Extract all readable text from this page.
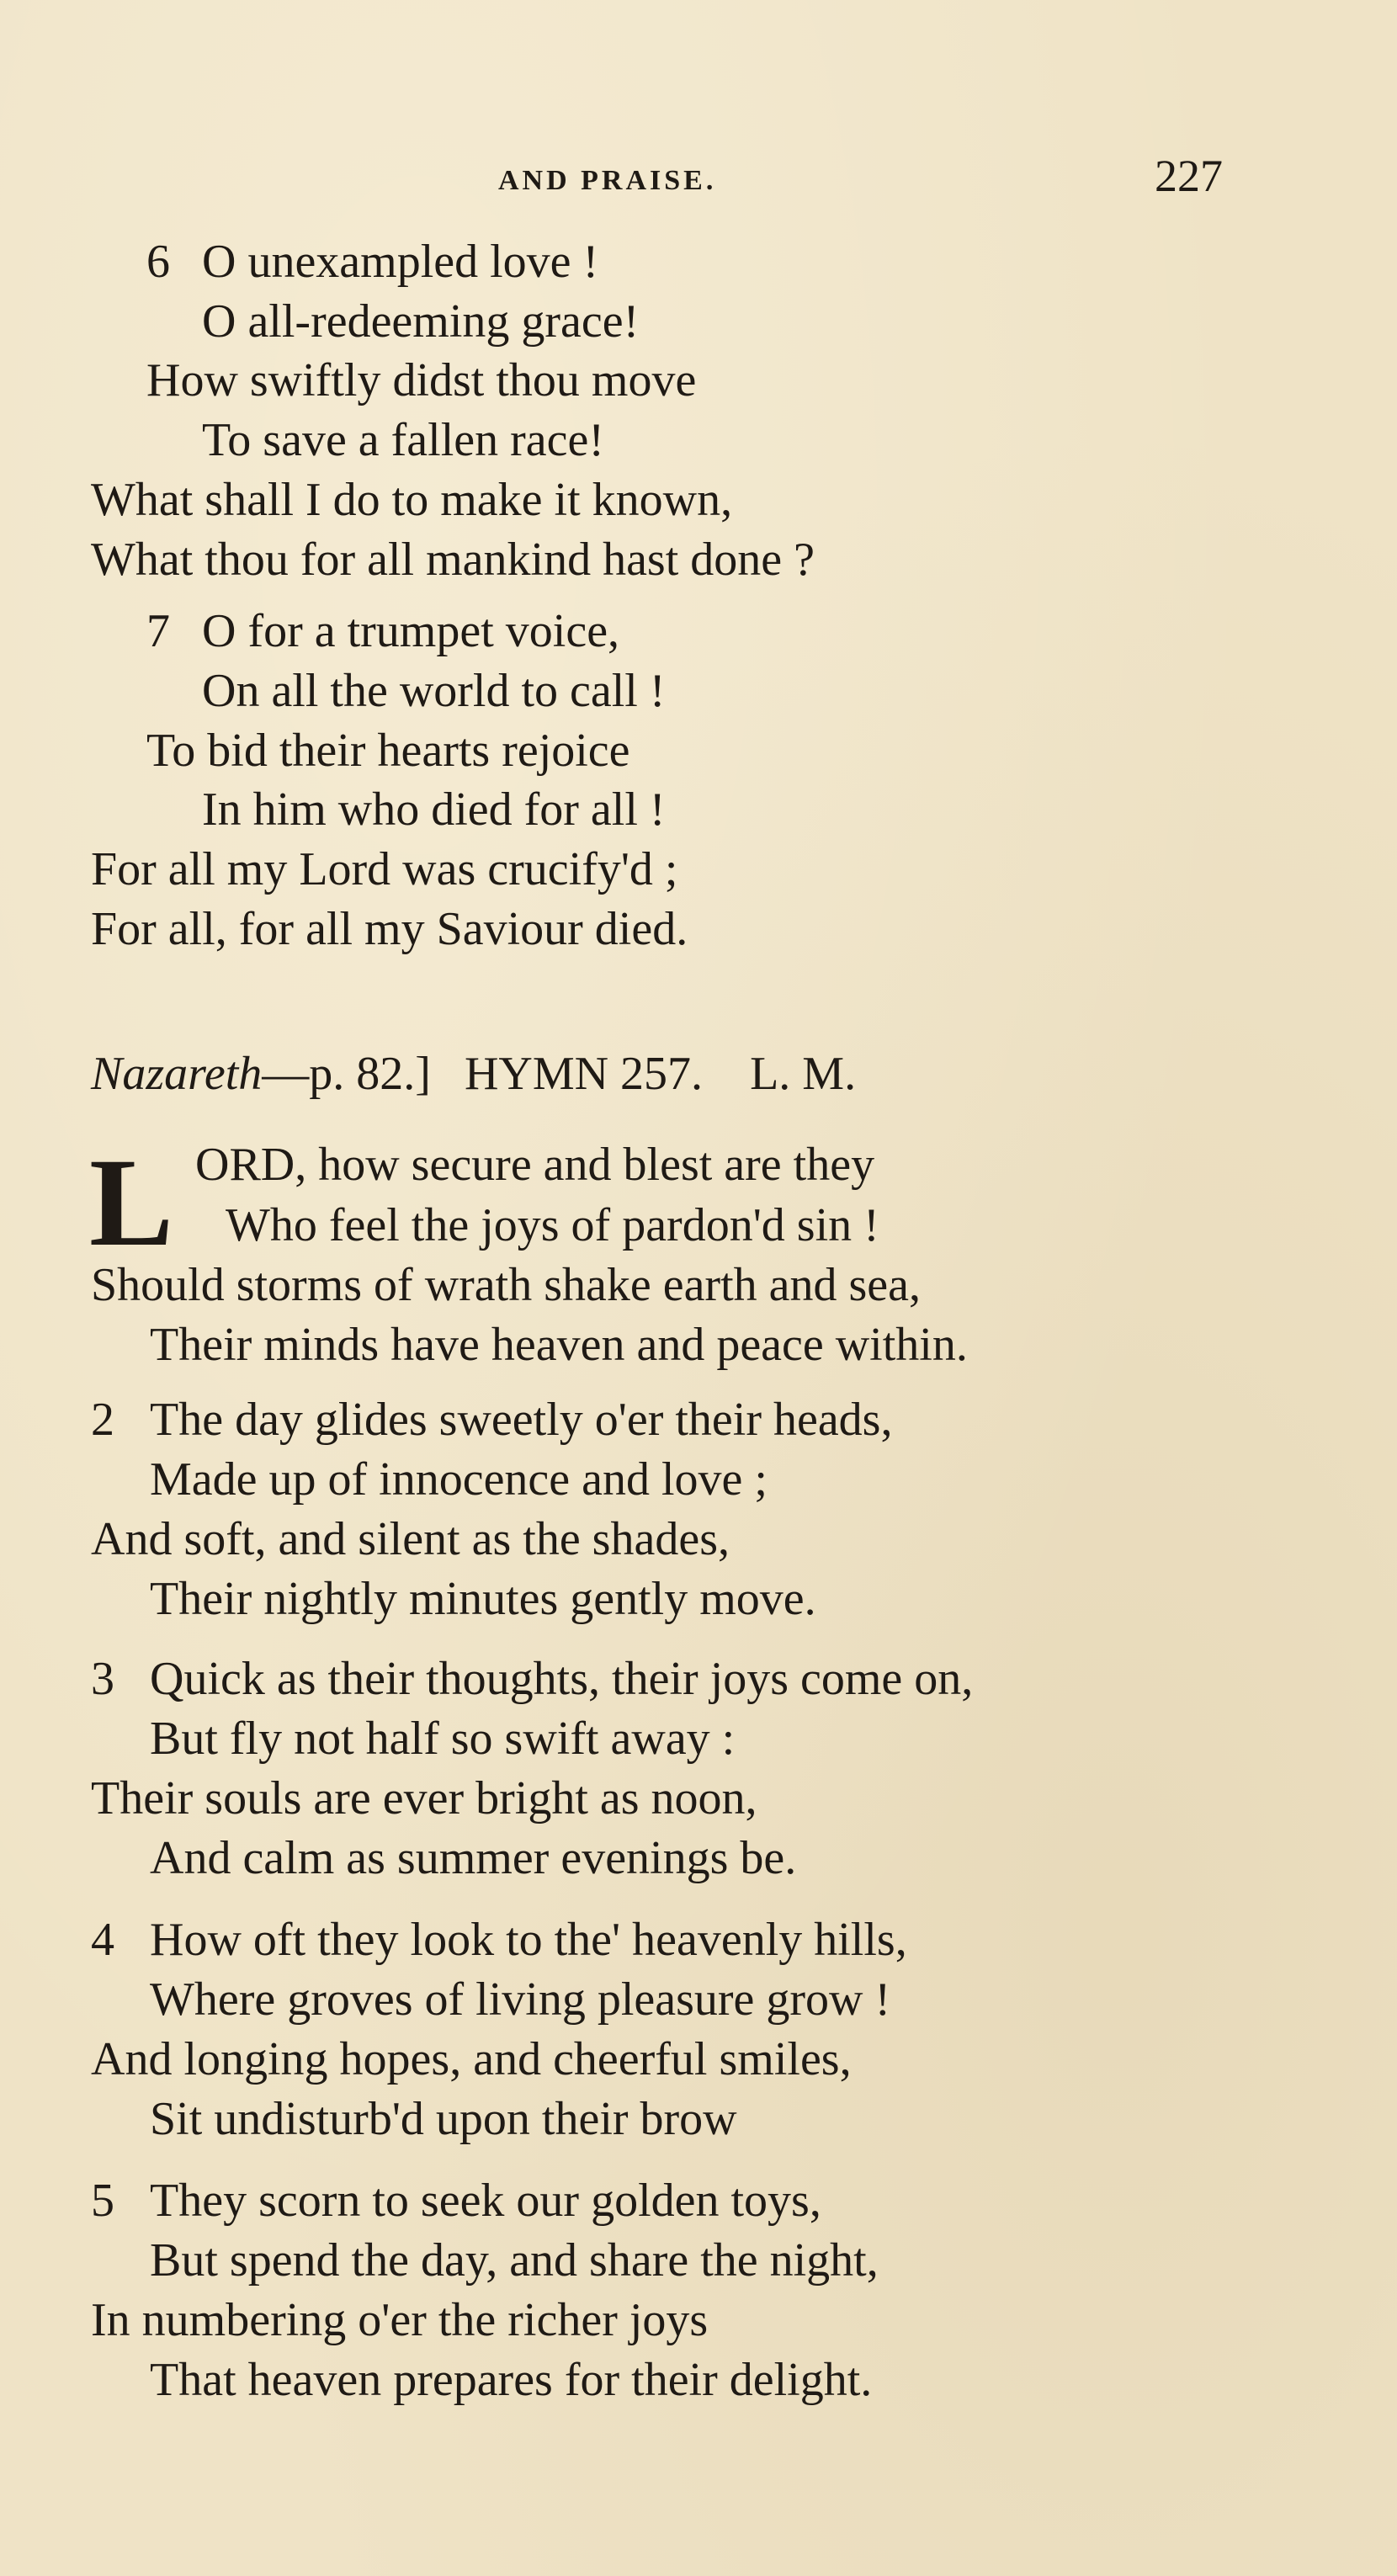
AND PRAISE.	227
6 O unexampled love !
O all-redeeming grace!
How swiftly didst thou move
To save a fallen race!
What shall I do to make it known,
What thou for all mankind hast done ?
7 O for a trumpet voice,
On all the world to call !
To bid their hearts rejoice
In him who died for all !
For all my Lord was crucify'd ;
For all, for all my Saviour died.
Nazareth—p. 82.] HYMN 257. L. M.
L ORD, how secure and blest are they
Who feel the joys of pardon'd sin !
Should storms of wrath shake earth and sea,
Their minds have heaven and peace within.
2 The day glides sweetly o'er their heads,
Made up of innocence and love ;
And soft, and silent as the shades,
Their nightly minutes gently move.
3 Quick as their thoughts, their joys come on,
But fly not half so swift away :
Their souls are ever bright as noon,
And calm as summer evenings be.
4 How oft they look to the' heavenly hills,
Where groves of living pleasure grow !
And longing hopes, and cheerful smiles,
Sit undisturb'd upon their brow
5 They scorn to seek our golden toys,
But spend the day, and share the night,
In numbering o'er the richer joys
That heaven prepares for their delight.
